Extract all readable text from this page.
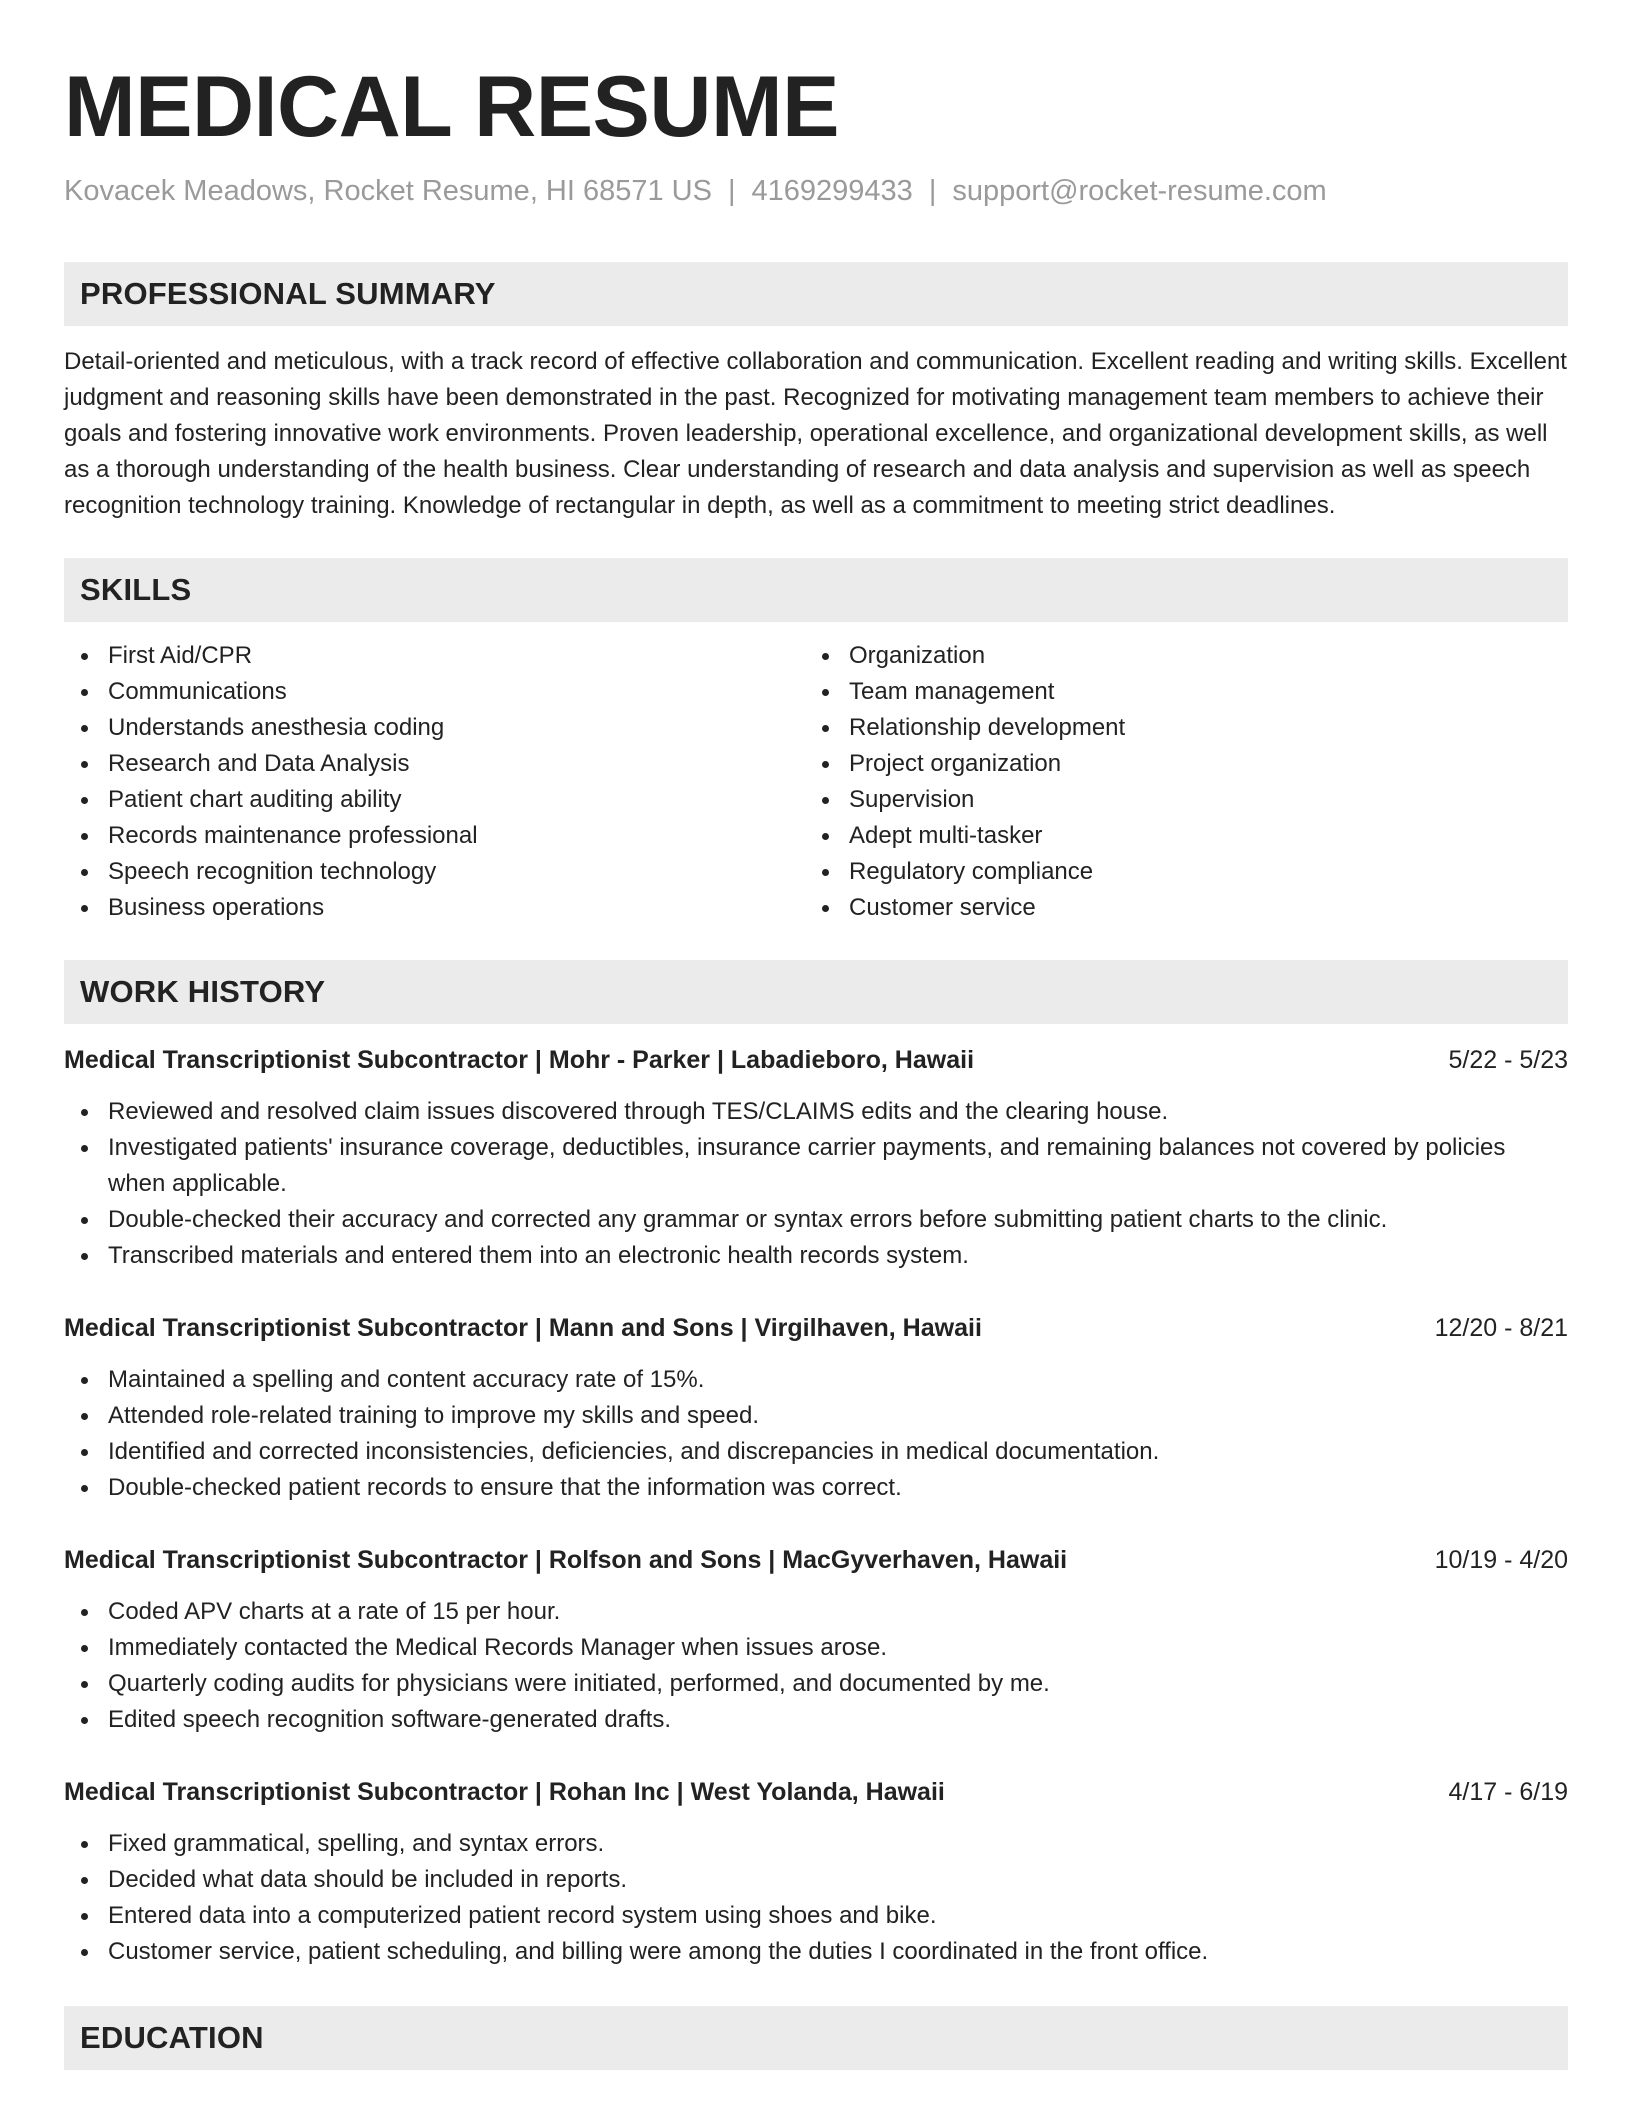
MEDICAL RESUME
Kovacek Meadows, Rocket Resume, HI 68571 US | 4169299433 | support@rocket-resume.com
PROFESSIONAL SUMMARY

Detail-oriented and meticulous, with a track record of effective collaboration and communication. Excellent reading and writing skills. Excellent judgment and reasoning skills have been demonstrated in the past. Recognized for motivating management team members to achieve their goals and fostering innovative work environments. Proven leadership, operational excellence, and organizational development skills, as well as a thorough understanding of the health business. Clear understanding of research and data analysis and supervision as well as speech recognition technology training. Knowledge of rectangular in depth, as well as a commitment to meeting strict deadlines.

SKILLS
First Aid/CPR
Communications
Understands anesthesia coding
Research and Data Analysis
Patient chart auditing ability
Records maintenance professional
Speech recognition technology
Business operations
Organization
Team management
Relationship development
Project organization
Supervision
Adept multi-tasker
Regulatory compliance
Customer service
WORK HISTORY
Medical Transcriptionist Subcontractor | Mohr - Parker | Labadieboro, Hawaii	5/22 - 5/23
Reviewed and resolved claim issues discovered through TES/CLAIMS edits and the clearing house.
Investigated patients' insurance coverage, deductibles, insurance carrier payments, and remaining balances not covered by policies when applicable.
Double-checked their accuracy and corrected any grammar or syntax errors before submitting patient charts to the clinic.
Transcribed materials and entered them into an electronic health records system.
Medical Transcriptionist Subcontractor | Mann and Sons | Virgilhaven, Hawaii	12/20 - 8/21
Maintained a spelling and content accuracy rate of 15%.
Attended role-related training to improve my skills and speed.
Identified and corrected inconsistencies, deficiencies, and discrepancies in medical documentation.
Double-checked patient records to ensure that the information was correct.
Medical Transcriptionist Subcontractor | Rolfson and Sons | MacGyverhaven, Hawaii	10/19 - 4/20
Coded APV charts at a rate of 15 per hour.
Immediately contacted the Medical Records Manager when issues arose.
Quarterly coding audits for physicians were initiated, performed, and documented by me.
Edited speech recognition software-generated drafts.
Medical Transcriptionist Subcontractor | Rohan Inc | West Yolanda, Hawaii	4/17 - 6/19
Fixed grammatical, spelling, and syntax errors.
Decided what data should be included in reports.
Entered data into a computerized patient record system using shoes and bike.
Customer service, patient scheduling, and billing were among the duties I coordinated in the front office.
EDUCATION
